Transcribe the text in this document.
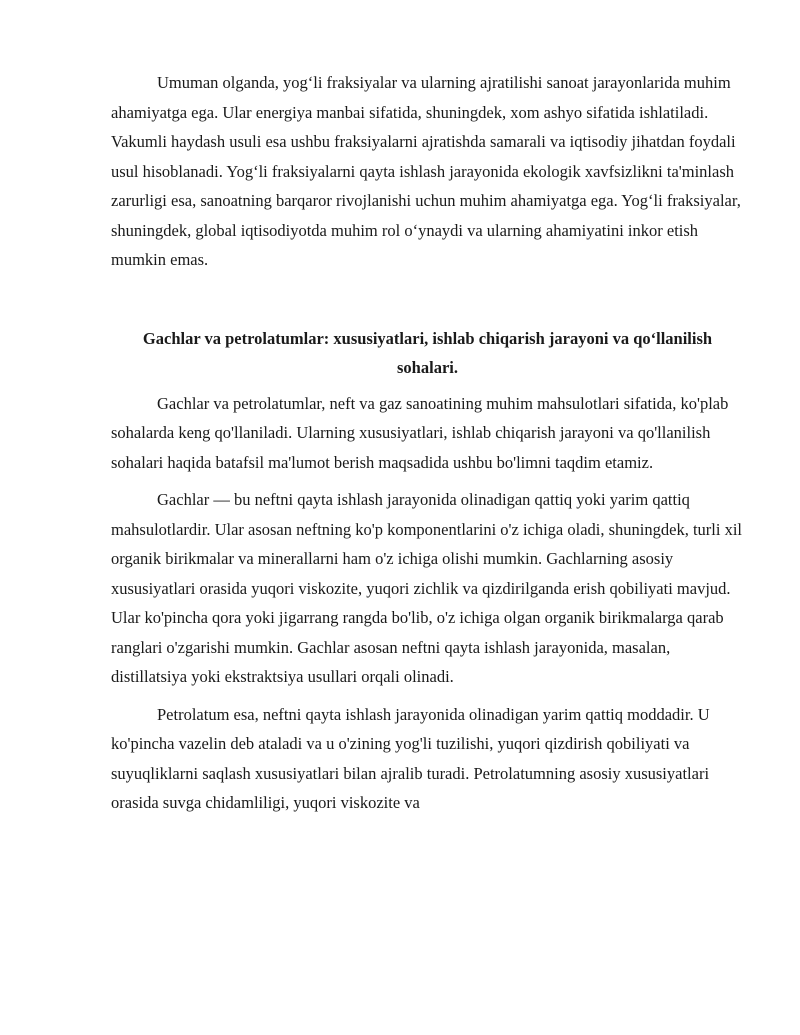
Umuman olganda, yog‘li fraksiyalar va ularning ajratilishi sanoat jarayonlarida muhim ahamiyatga ega. Ular energiya manbai sifatida, shuningdek, xom ashyo sifatida ishlatiladi. Vakumli haydash usuli esa ushbu fraksiyalarni ajratishda samarali va iqtisodiy jihatdan foydali usul hisoblanadi. Yog‘li fraksiyalarni qayta ishlash jarayonida ekologik xavfsizlikni ta'minlash zarurligi esa, sanoatning barqaror rivojlanishi uchun muhim ahamiyatga ega. Yog‘li fraksiyalar, shuningdek, global iqtisodiyotda muhim rol o‘ynaydi va ularning ahamiyatini inkor etish mumkin emas.

Gachlar va petrolatumlar: xususiyatlari, ishlab chiqarish jarayoni va qo‘llanilish sohalari.

Gachlar va petrolatumlar, neft va gaz sanoatining muhim mahsulotlari sifatida, ko'plab sohalarda keng qo'llaniladi. Ularning xususiyatlari, ishlab chiqarish jarayoni va qo'llanilish sohalari haqida batafsil ma'lumot berish maqsadida ushbu bo'limni taqdim etamiz.

Gachlar — bu neftni qayta ishlash jarayonida olinadigan qattiq yoki yarim qattiq mahsulotlardir. Ular asosan neftning ko'p komponentlarini o'z ichiga oladi, shuningdek, turli xil organik birikmalar va minerallarni ham o'z ichiga olishi mumkin. Gachlarning asosiy xususiyatlari orasida yuqori viskozite, yuqori zichlik va qizdirilganda erish qobiliyati mavjud. Ular ko'pincha qora yoki jigarrang rangda bo'lib, o'z ichiga olgan organik birikmalarga qarab ranglari o'zgarishi mumkin. Gachlar asosan neftni qayta ishlash jarayonida, masalan, distillatsiya yoki ekstraktsiya usullari orqali olinadi.

Petrolatum esa, neftni qayta ishlash jarayonida olinadigan yarim qattiq moddadir. U ko'pincha vazelin deb ataladi va u o'zining yog'li tuzilishi, yuqori qizdirish qobiliyati va suyuqliklarni saqlash xususiyatlari bilan ajralib turadi. Petrolatumning asosiy xususiyatlari orasida suvga chidamliligi, yuqori viskozite va
